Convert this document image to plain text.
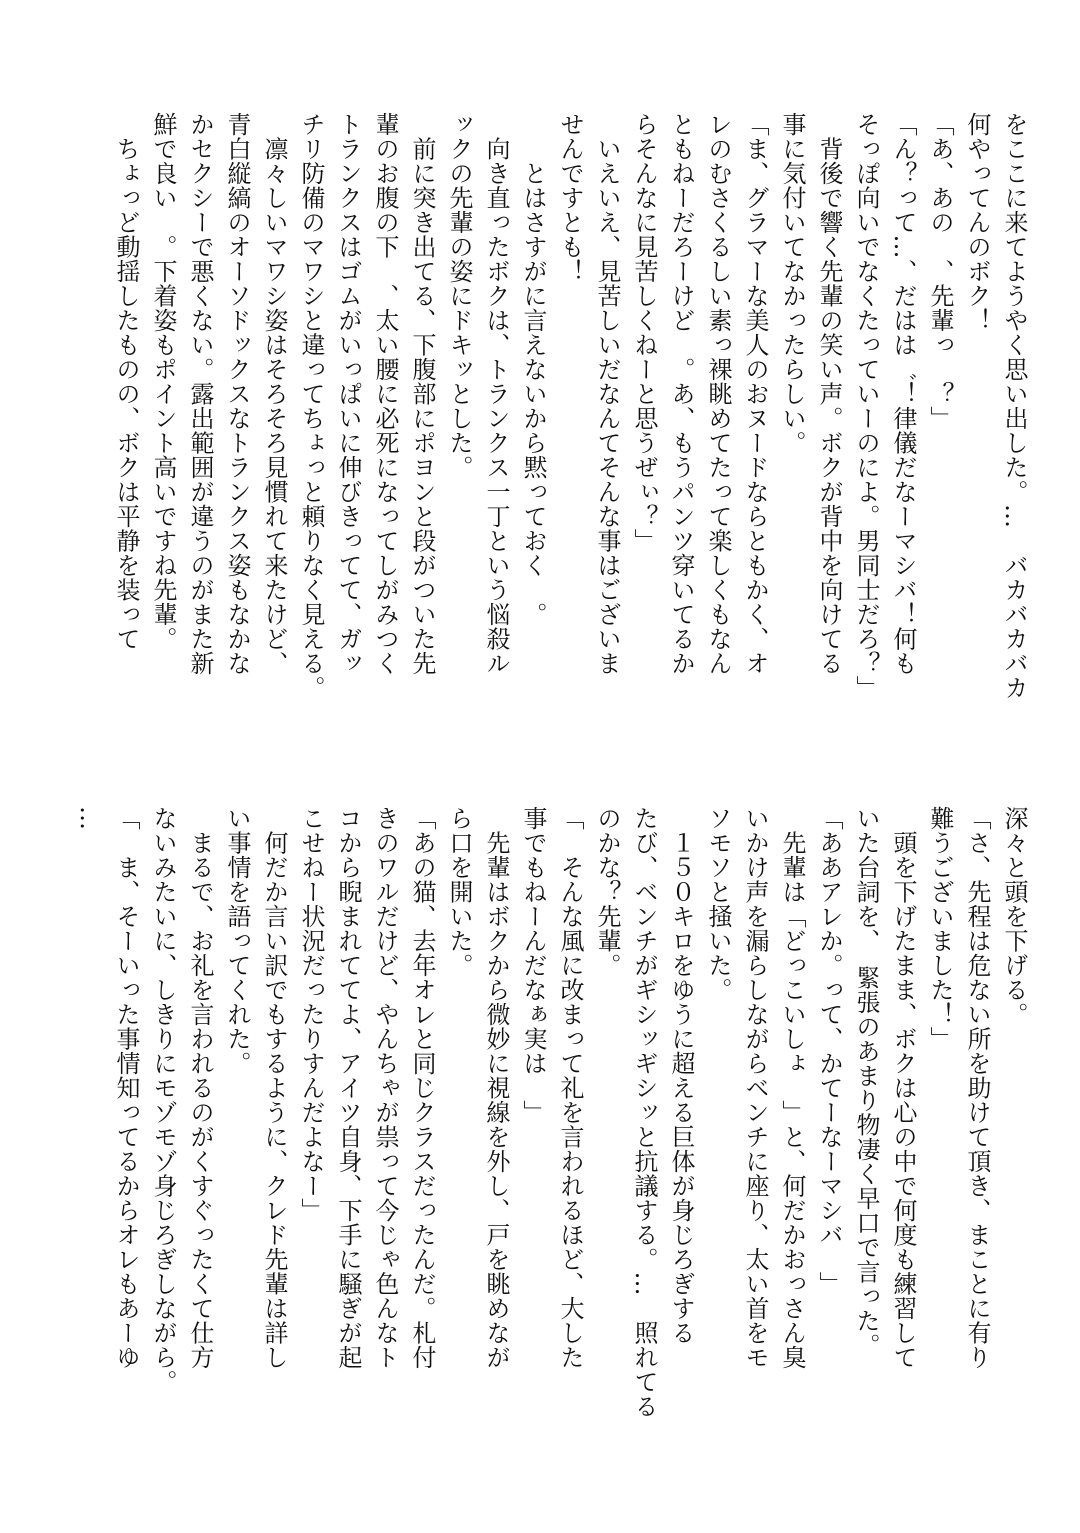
をここに来てようやく思い出した。…　バカバカバカ
何やってんのボク！
「あ、あの　、先輩っ　？」
「ん？って…、だはは゛！律儀だなーマシバ！何も
そっぽ向いでなくたっていーのによ。男同士だろ？」
　背後で響く先輩の笑い声。ボクが背中を向けてる
事に気付いてなかったらしい。
「ま、グラマーな美人のおヌードならともかく、オ
レのむさくるしい素っ裸眺めてたって楽しくもなん
ともねーだろーけど　。あ、もうパンツ穿いてるか
らそんなに見苦しくねーと思うぜぃ？」
　いえいえ、見苦しいだなんてそんな事はございま
せんですとも！
　　とはさすがに言えないから黙っておく　。
　向き直ったボクは、トランクス一丁という悩殺ル
ックの先輩の姿にドキッとした。
　前に突き出てる、下腹部にポヨンと段がついた先
輩のお腹の下　、太い腰に必死になってしがみつく
トランクスはゴムがいっぱいに伸びきってて、ガッ
チリ防備のマワシと違ってちょっと頼りなく見える。
　凛々しいマワシ姿はそろそろ見慣れて来たけど、
青白縦縞のオーソドックスなトランクス姿もなかな
かセクシーで悪くない。露出範囲が違うのがまた新
鮮で良い　。下着姿もポイント高いですね先輩。
　ちょっど動揺したものの、ボクは平静を装って
深々と頭を下げる。
「さ、先程は危ない所を助けて頂き、まことに有り
難うございました！」
　頭を下げたまま、ボクは心の中で何度も練習して
いた台詞を、　緊張のあまり物凄く早口で言った。
「ああアレか。って、かてーなーマシバ　」
　先輩は「どっこいしょ　」と、何だかおっさん臭
いかけ声を漏らしながらベンチに座り、太い首をモ
ソモソと掻いた。
　１５０キロをゆうに超える巨体が身じろぎする
たび、ベンチがギシッギシッと抗議する。…　照れてる
のかな？先輩。
「　そんな風に改まって礼を言われるほど、大した
事でもねーんだなぁ実は　」
　先輩はボクから微妙に視線を外し、戸を眺めなが
ら口を開いた。
「あの猫、去年オレと同じクラスだったんだ。札付
きのワルだけど、やんちゃが祟って今じゃ色んなト
コから睨まれててよ、アイツ自身、下手に騒ぎが起
こせねー状況だったりすんだよなー」
　何だか言い訳でもするように、クレド先輩は詳し
い事情を語ってくれた。
　まるで、お礼を言われるのがくすぐったくて仕方
ないみたいに、しきりにモゾモゾ身じろぎしながら。
「　ま、そーいった事情知ってるからオレもあーゆ
…
